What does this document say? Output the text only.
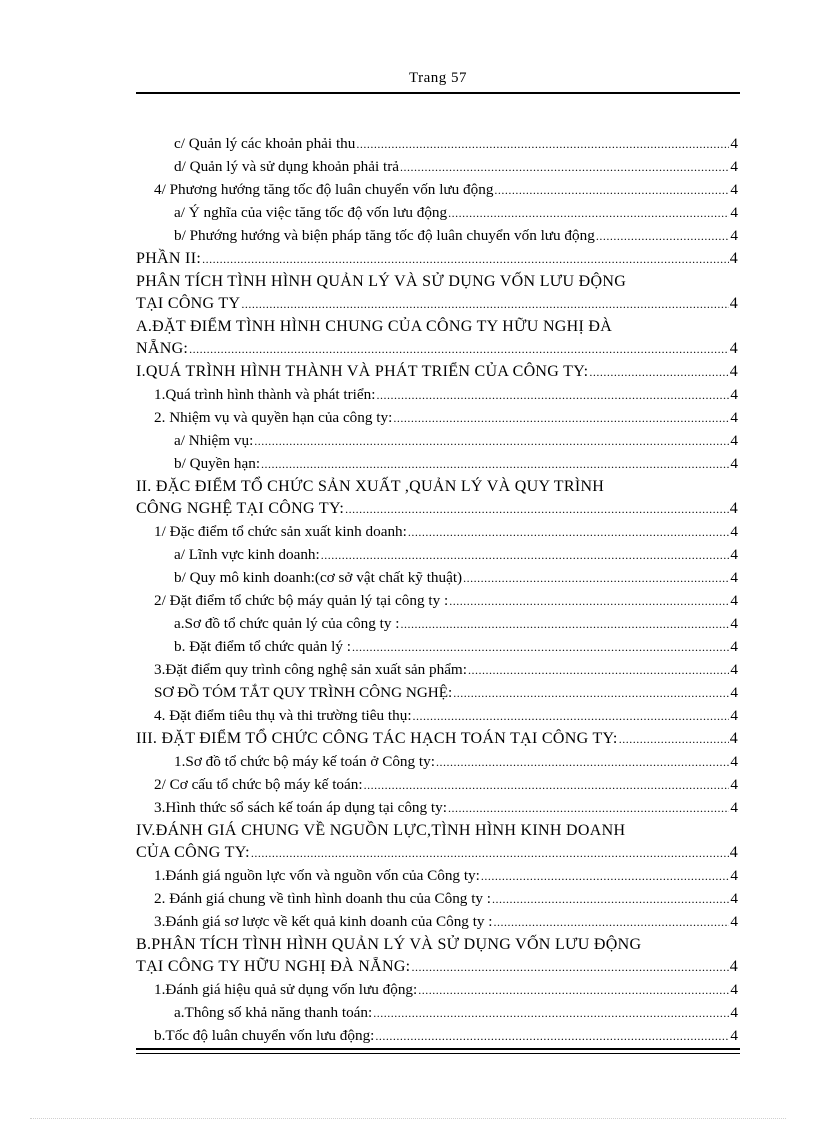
Trang 57
c/ Quản lý các khoản phải thu .....	4
d/ Quản lý và sử dụng khoản phải trả .....	4
4/ Phương hướng tăng tốc độ luân chuyển vốn lưu động .....	4
a/ Ý nghĩa của việc tăng tốc độ vốn lưu động .....	4
b/ Phướng hướng và biện pháp tăng tốc độ luân chuyển vốn lưu động .....	4
PHẦN II: .....	4
PHÂN TÍCH TÌNH HÌNH QUẢN LÝ VÀ SỬ DỤNG VỐN LƯU ĐỘNG
TẠI CÔNG TY .....	4
A.ĐẶT ĐIỂM TÌNH HÌNH CHUNG CỦA CÔNG TY HỮU NGHỊ ĐÀ
NẴNG: .....	4
I.QUÁ TRÌNH HÌNH THÀNH VÀ PHÁT TRIỂN CỦA CÔNG TY: .....	4
1.Quá trình hình thành và phát triển: .....	4
2. Nhiệm vụ và quyền hạn của công ty: .....	4
a/ Nhiệm vụ: .....	4
b/ Quyền hạn: .....	4
II. ĐẶC ĐIỂM TỔ CHỨC SẢN XUẤT ,QUẢN LÝ VÀ QUY TRÌNH
CÔNG NGHỆ TẠI CÔNG TY: .....	4
1/ Đặc điểm tổ chức sản xuất kinh doanh: .....	4
a/ Lĩnh vực kinh doanh: .....	4
b/ Quy mô kinh doanh:(cơ sở vật chất kỹ thuật) .....	4
2/ Đặt điểm tổ chức bộ máy quản lý tại công ty : .....	4
a.Sơ đồ tổ chức quản lý của công ty : .....	4
b. Đặt điểm tổ chức quản lý : .....	4
3.Đặt điểm quy trình công nghệ sản xuất sản phẩm: .....	4
SƠ ĐỒ TÓM TẮT QUY TRÌNH CÔNG NGHỆ: .....	4
4. Đặt điểm tiêu thụ và thi trường tiêu thụ: .....	4
III. ĐẶT ĐIỂM TỔ CHỨC CÔNG TÁC HẠCH TOÁN TẠI CÔNG TY: .....	4
1.Sơ đồ tổ chức bộ máy kế toán ở Công ty: .....	4
2/ Cơ cấu tổ chức bộ máy kế toán: .....	4
3.Hình thức sổ sách kế toán áp dụng tại công ty: .....	4
IV.ĐÁNH GIÁ CHUNG VỀ NGUỒN LỰC,TÌNH HÌNH KINH DOANH
CỦA CÔNG TY: .....	4
1.Đánh giá nguồn lực vốn và nguồn vốn của Công ty: .....	4
2. Đánh giá chung về tình hình doanh thu của Công ty : .....	4
3.Đánh giá sơ lược về kết quả kinh doanh của Công ty : .....	4
B.PHÂN TÍCH TÌNH HÌNH QUẢN LÝ VÀ SỬ DỤNG VỐN LƯU ĐỘNG
TẠI CÔNG TY HỮU NGHỊ ĐÀ NẴNG: .....	4
1.Đánh giá hiệu quả sử dụng vốn lưu động: .....	4
a.Thông số khả năng thanh toán: .....	4
b.Tốc độ luân chuyển vốn lưu động: .....	4
